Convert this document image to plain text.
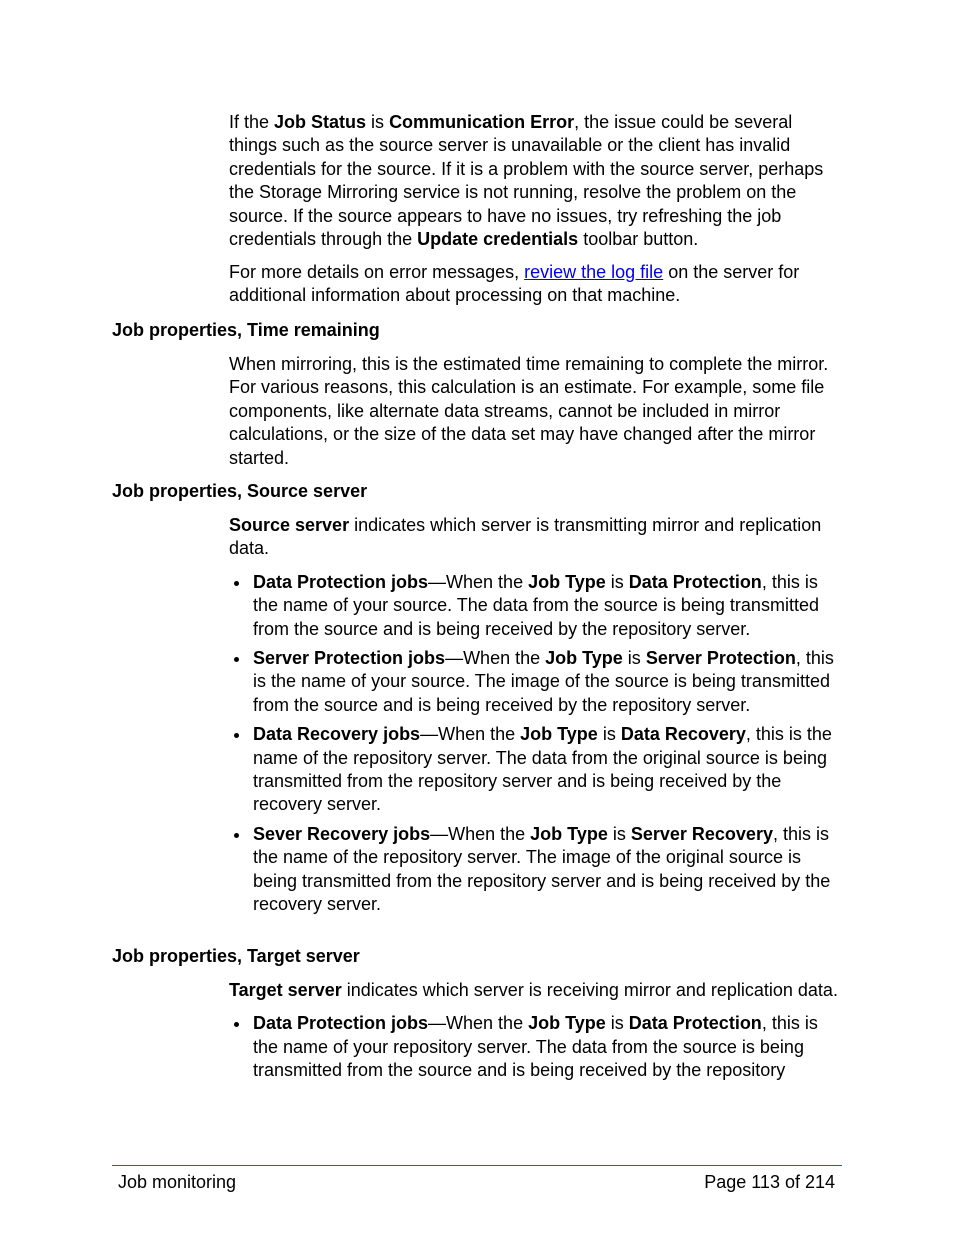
If the Job Status is Communication Error, the issue could be several things such as the source server is unavailable or the client has invalid credentials for the source. If it is a problem with the source server, perhaps the Storage Mirroring service is not running, resolve the problem on the source. If the source appears to have no issues, try refreshing the job credentials through the Update credentials toolbar button.

For more details on error messages, review the log file on the server for additional information about processing on that machine.

Job properties, Time remaining

When mirroring, this is the estimated time remaining to complete the mirror. For various reasons, this calculation is an estimate. For example, some file components, like alternate data streams, cannot be included in mirror calculations, or the size of the data set may have changed after the mirror started.

Job properties, Source server

Source server indicates which server is transmitting mirror and replication data.

Data Protection jobs—When the Job Type is Data Protection, this is the name of your source. The data from the source is being transmitted from the source and is being received by the repository server.
Server Protection jobs—When the Job Type is Server Protection, this is the name of your source. The image of the source is being transmitted from the source and is being received by the repository server.
Data Recovery jobs—When the Job Type is Data Recovery, this is the name of the repository server. The data from the original source is being transmitted from the repository server and is being received by the recovery server.
Sever Recovery jobs—When the Job Type is Server Recovery, this is the name of the repository server. The image of the original source is being transmitted from the repository server and is being received by the recovery server.
Job properties, Target server

Target server indicates which server is receiving mirror and replication data.

Data Protection jobs—When the Job Type is Data Protection, this is the name of your repository server. The data from the source is being transmitted from the source and is being received by the repository
Job monitoring	Page 113 of 214
